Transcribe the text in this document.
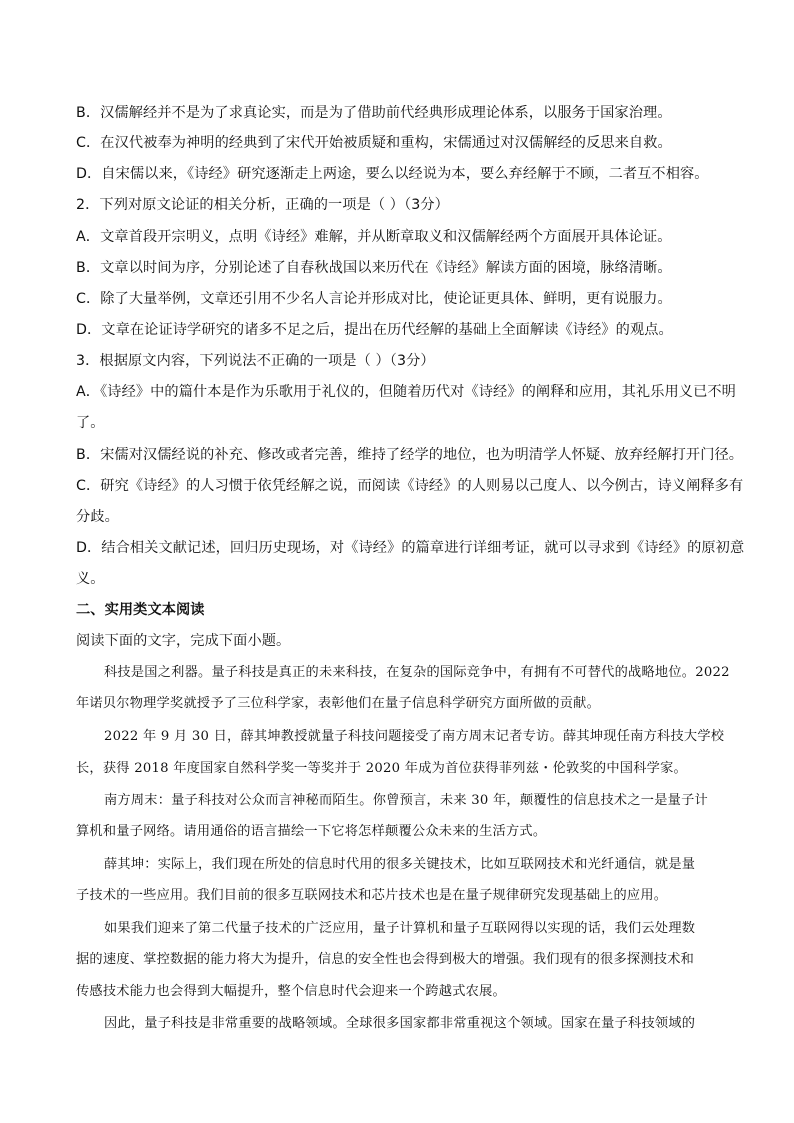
B．汉儒解经并不是为了求真论实，而是为了借助前代经典形成理论体系，以服务于国家治理。
C．在汉代被奉为神明的经典到了宋代开始被质疑和重构，宋儒通过对汉儒解经的反思来自救。
D．自宋儒以来，《诗经》研究逐渐走上两途，要么以经说为本，要么弃经解于不顾，二者互不相容。
2．下列对原文论证的相关分析，正确的一项是（ ）（3分）
A．文章首段开宗明义，点明《诗经》难解，并从断章取义和汉儒解经两个方面展开具体论证。
B．文章以时间为序，分别论述了自春秋战国以来历代在《诗经》解读方面的困境，脉络清晰。
C．除了大量举例，文章还引用不少名人言论并形成对比，使论证更具体、鲜明，更有说服力。
D．文章在论证诗学研究的诸多不足之后，提出在历代经解的基础上全面解读《诗经》的观点。
3．根据原文内容，下列说法不正确的一项是（ ）（3分）
A．《诗经》中的篇什本是作为乐歌用于礼仪的，但随着历代对《诗经》的阐释和应用，其礼乐用义已不明
了。
B．宋儒对汉儒经说的补充、修改或者完善，维持了经学的地位，也为明清学人怀疑、放弃经解打开门径。
C．研究《诗经》的人习惯于依凭经解之说，而阅读《诗经》的人则易以己度人、以今例古，诗义阐释多有
分歧。
D．结合相关文献记述，回归历史现场，对《诗经》的篇章进行详细考证，就可以寻求到《诗经》的原初意
义。
二、实用类文本阅读
阅读下面的文字，完成下面小题。
科技是国之利器。量子科技是真正的未来科技，在复杂的国际竞争中，有拥有不可替代的战略地位。2022
年诺贝尔物理学奖就授予了三位科学家，表彰他们在量子信息科学研究方面所做的贡献。
2022 年 9 月 30 日，薛其坤教授就量子科技问题接受了南方周末记者专访。薛其坤现任南方科技大学校
长，获得 2018 年度国家自然科学奖一等奖并于 2020 年成为首位获得菲列兹・伦敦奖的中国科学家。
南方周末：量子科技对公众而言神秘而陌生。你曾预言，未来 30 年，颠覆性的信息技术之一是量子计
算机和量子网络。请用通俗的语言描绘一下它将怎样颠覆公众未来的生活方式。
薛其坤：实际上，我们现在所处的信息时代用的很多关键技术，比如互联网技术和光纤通信，就是量
子技术的一些应用。我们目前的很多互联网技术和芯片技术也是在量子规律研究发现基础上的应用。
如果我们迎来了第二代量子技术的广泛应用，量子计算机和量子互联网得以实现的话，我们云处理数
据的速度、掌控数据的能力将大为提升，信息的安全性也会得到极大的增强。我们现有的很多探测技术和
传感技术能力也会得到大幅提升，整个信息时代会迎来一个跨越式农展。
因此，量子科技是非常重要的战略领域。全球很多国家都非常重视这个领域。国家在量子科技领域的
